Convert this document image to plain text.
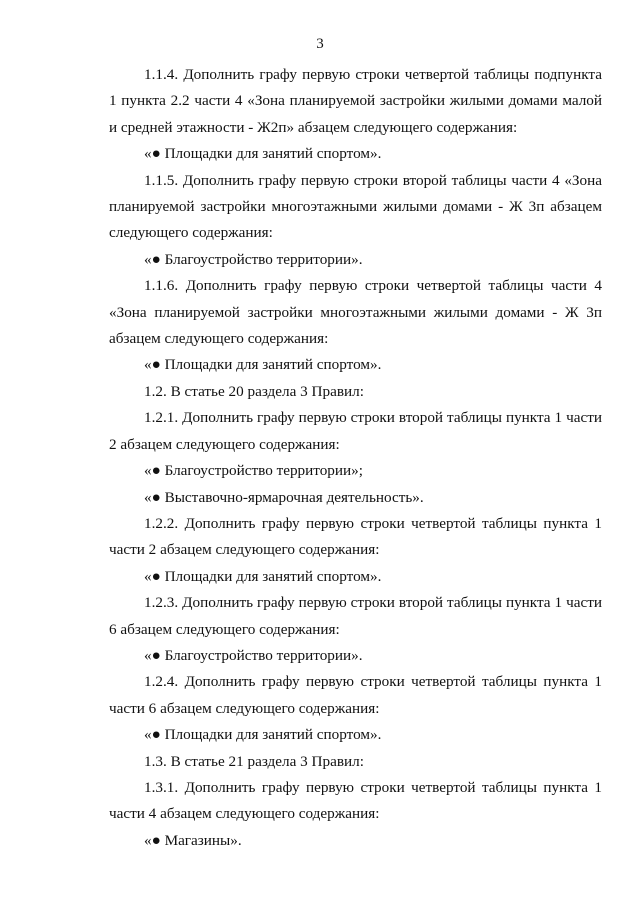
3

1.1.4. Дополнить графу первую строки четвертой таблицы подпункта 1 пункта 2.2 части 4 «Зона планируемой застройки жилыми домами малой и средней этажности - Ж2п» абзацем следующего содержания:

«● Площадки для занятий спортом».

1.1.5. Дополнить графу первую строки второй таблицы части 4 «Зона планируемой застройки многоэтажными жилыми домами - Ж 3п абзацем следующего содержания:

«● Благоустройство территории».

1.1.6. Дополнить графу первую строки четвертой таблицы части 4 «Зона планируемой застройки многоэтажными жилыми домами - Ж 3п абзацем следующего содержания:

«● Площадки для занятий спортом».

1.2. В статье 20 раздела 3 Правил:

1.2.1. Дополнить графу первую строки второй таблицы пункта 1 части 2 абзацем следующего содержания:

«● Благоустройство территории»;

«● Выставочно-ярмарочная деятельность».

1.2.2. Дополнить графу первую строки четвертой таблицы пункта 1 части 2 абзацем следующего содержания:

«● Площадки для занятий спортом».

1.2.3. Дополнить графу первую строки второй таблицы пункта 1 части 6 абзацем следующего содержания:

«● Благоустройство территории».

1.2.4. Дополнить графу первую строки четвертой таблицы пункта 1 части 6 абзацем следующего содержания:

«● Площадки для занятий спортом».

1.3. В статье 21 раздела 3 Правил:

1.3.1. Дополнить графу первую строки четвертой таблицы пункта 1 части 4 абзацем следующего содержания:

«● Магазины».
